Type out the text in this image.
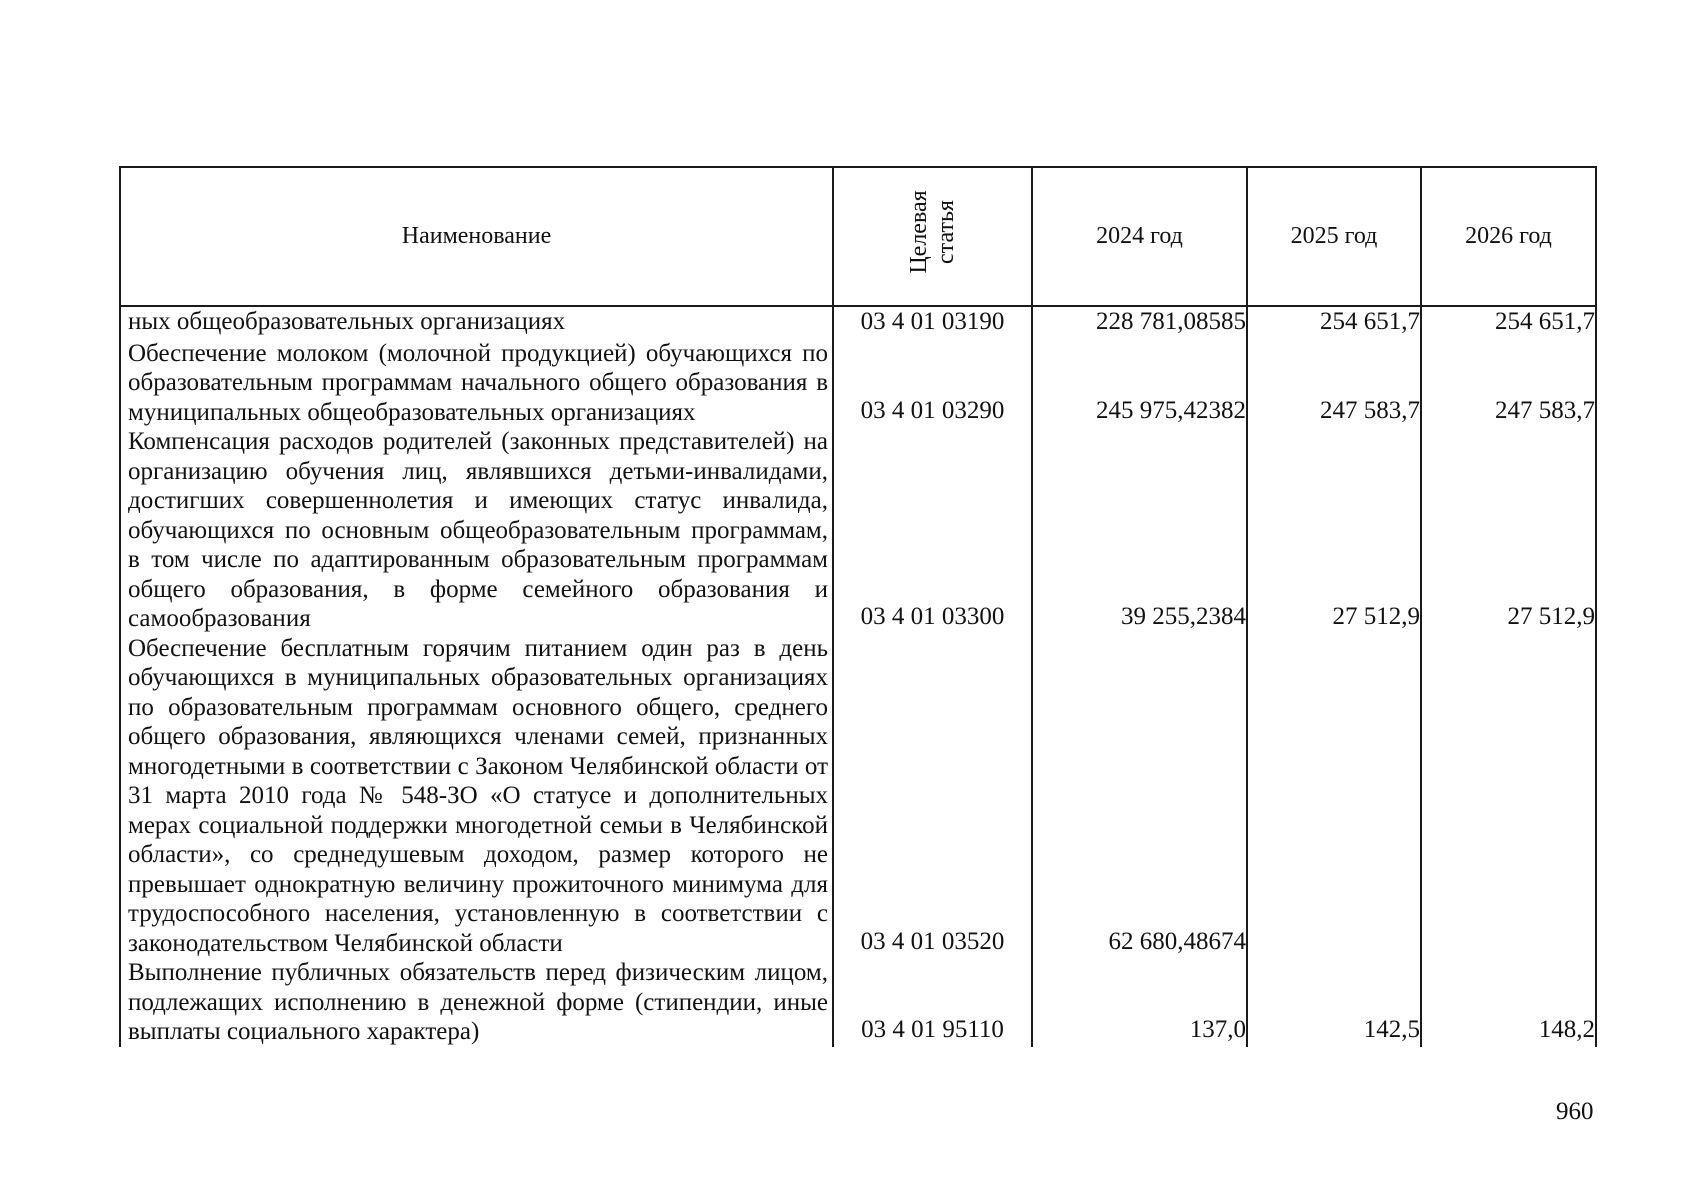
Наименование	Целевая статья	2024 год	2025 год	2026 год
ных общеобразовательных организациях	03 4 01 03190	228 781,08585	254 651,7	254 651,7
Обеспечение молоком (молочной продукцией) обучающихся по образовательным программам начального общего образования в муниципальных общеобразовательных организациях	03 4 01 03290	245 975,42382	247 583,7	247 583,7
Компенсация расходов родителей (законных представителей) на организацию обучения лиц, являвшихся детьми-инвалидами, достигших совершеннолетия и имеющих статус инвалида, обучающихся по основным общеобразовательным программам, в том числе по адаптированным образовательным программам общего образования, в форме семейного образования и самообразования	03 4 01 03300	39 255,2384	27 512,9	27 512,9
Обеспечение бесплатным горячим питанием один раз в день обучающихся в муниципальных образовательных организациях по образовательным программам основного общего, среднего общего образования, являющихся членами семей, признанных многодетными в соответствии с Законом Челябинской области от 31 марта 2010 года № 548-ЗО «О статусе и дополнительных мерах социальной поддержки многодетной семьи в Челябинской области», со среднедушевым доходом, размер которого не превышает однократную величину прожиточного минимума для трудоспособного населения, установленную в соответствии с законодательством Челябинской области	03 4 01 03520	62 680,48674		
Выполнение публичных обязательств перед физическим лицом, подлежащих исполнению в денежной форме (стипендии, иные выплаты социального характера)	03 4 01 95110	137,0	142,5	148,2
960
